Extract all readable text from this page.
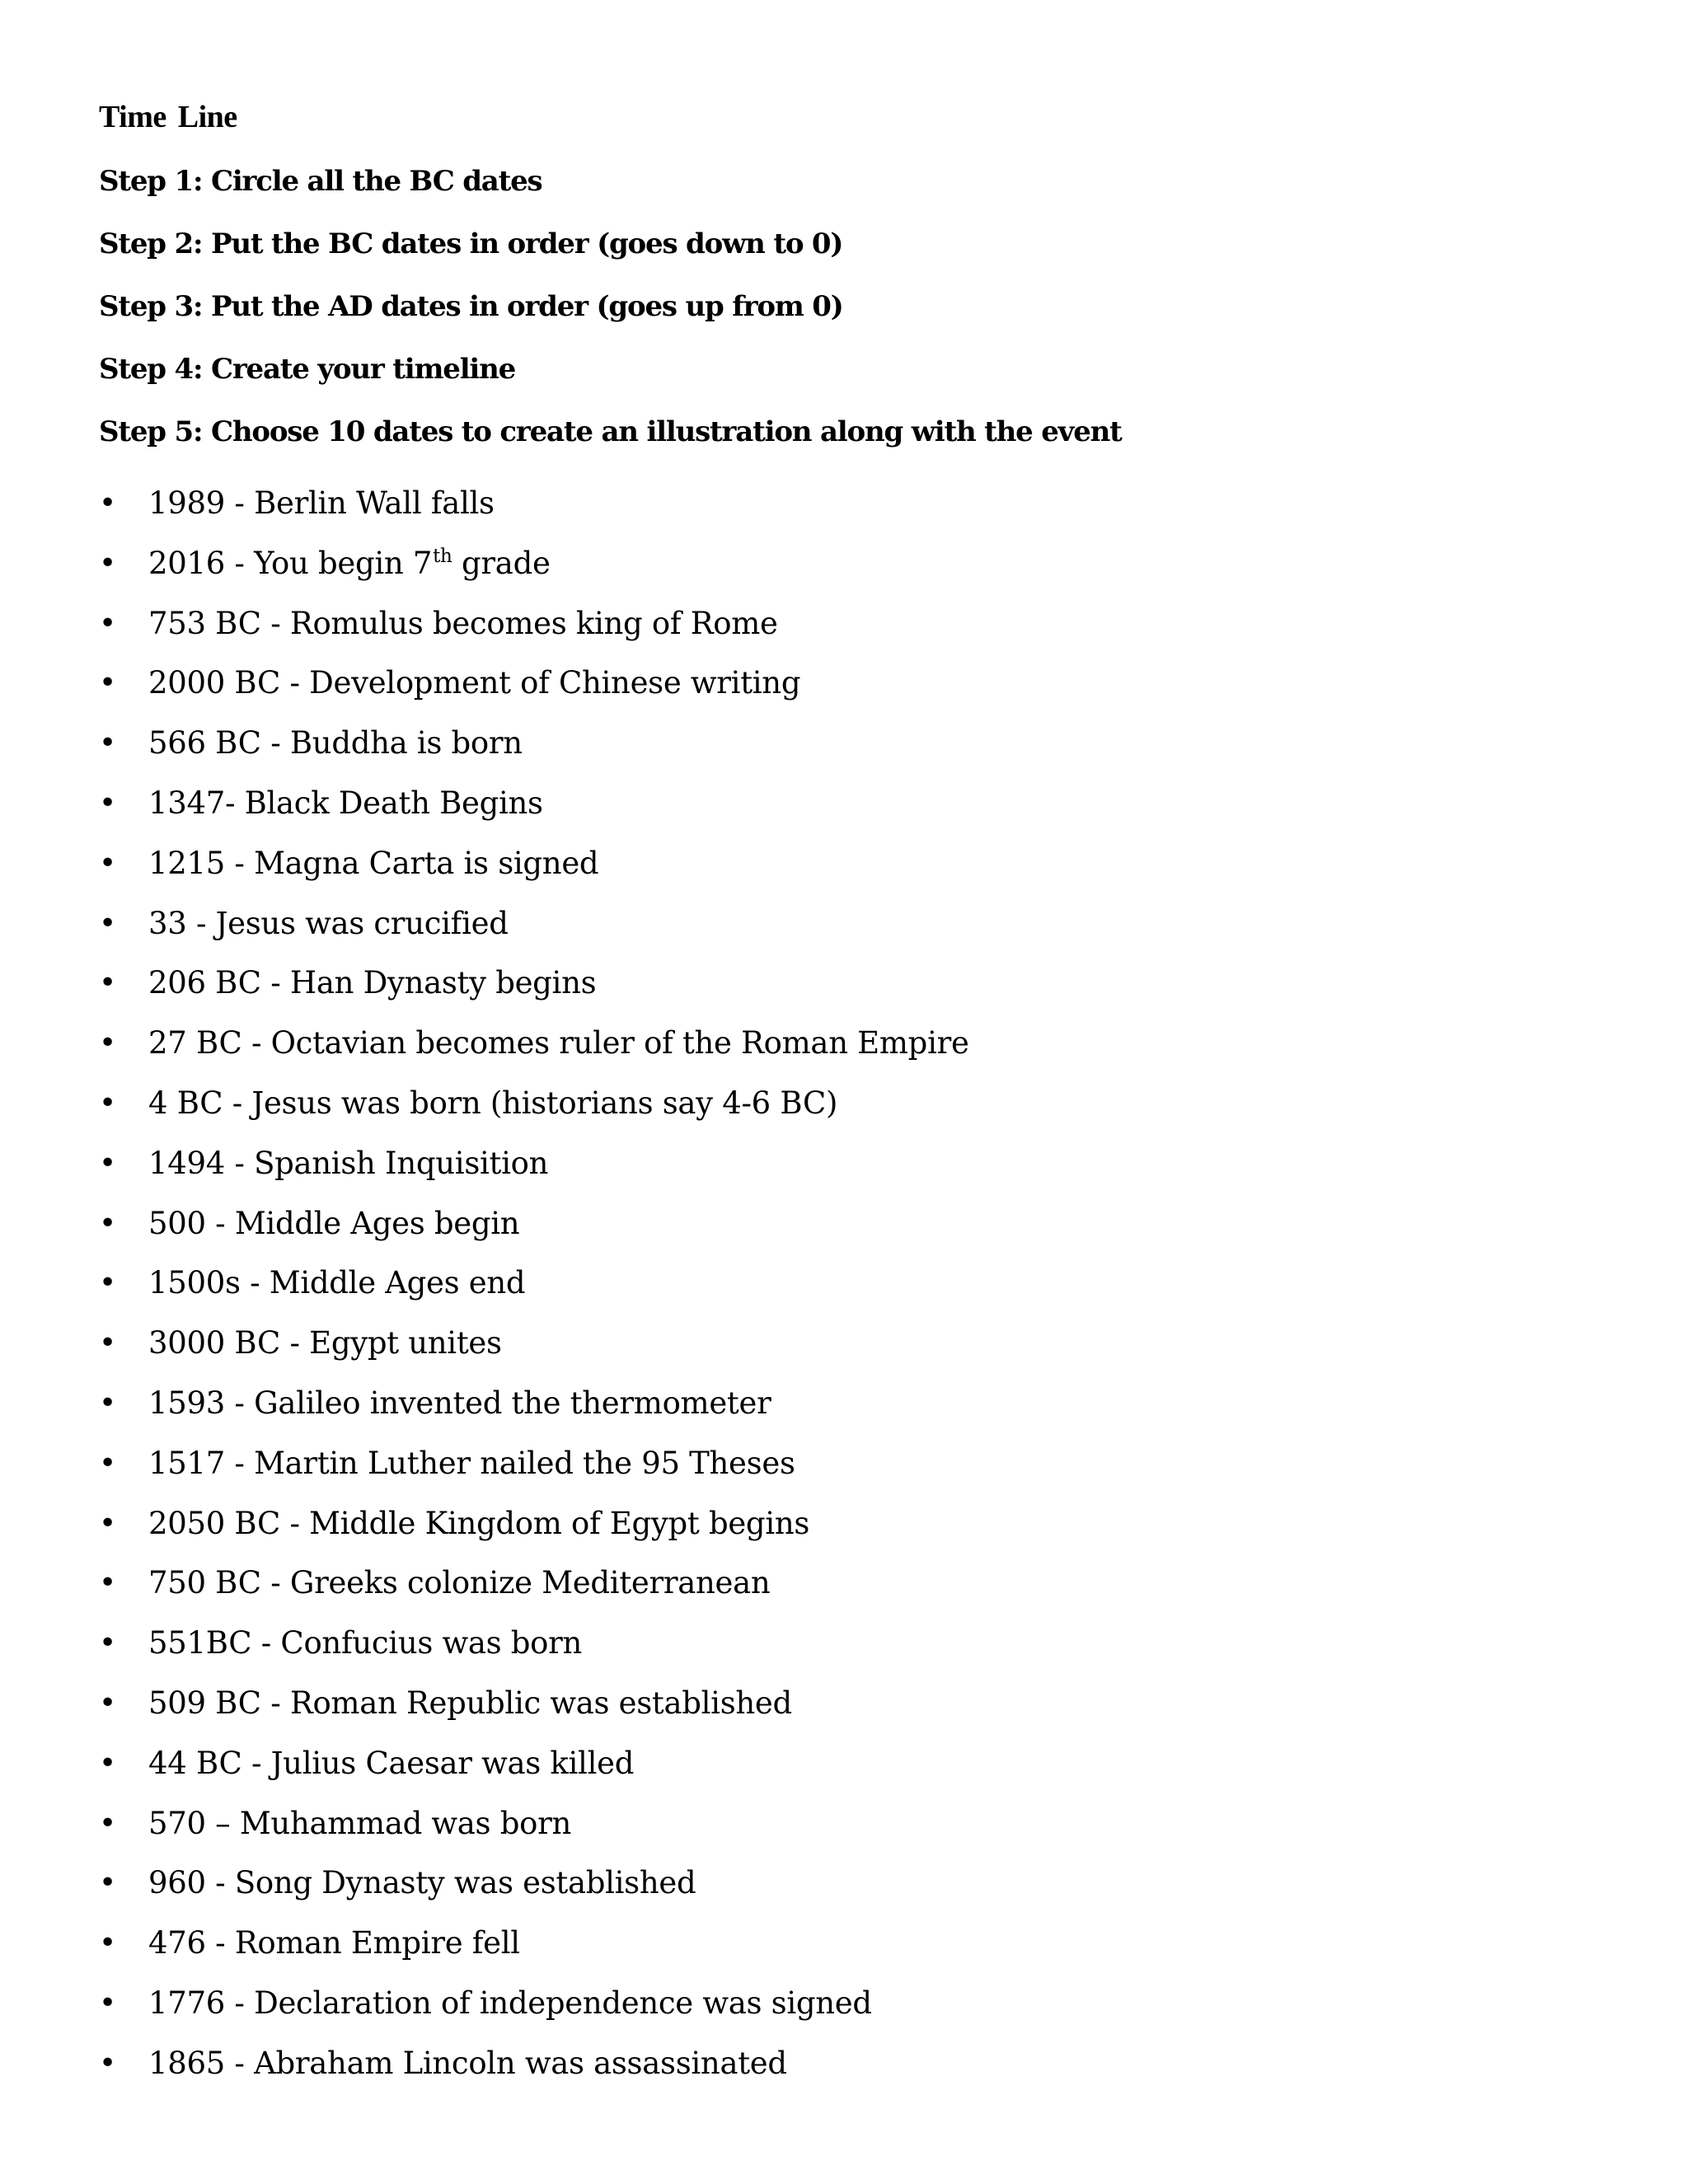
Time Line
Step 1: Circle all the BC dates
Step 2: Put the BC dates in order (goes down to 0)
Step 3: Put the AD dates in order (goes up from 0)
Step 4: Create your timeline
Step 5: Choose 10 dates to create an illustration along with the event
•	1989 - Berlin Wall falls
•	2016 - You begin 7th grade
•	753 BC - Romulus becomes king of Rome
•	2000 BC - Development of Chinese writing
•	566 BC - Buddha is born
•	1347- Black Death Begins
•	1215 - Magna Carta is signed
•	33 - Jesus was crucified
•	206 BC - Han Dynasty begins
•	27 BC - Octavian becomes ruler of the Roman Empire
•	4 BC - Jesus was born (historians say 4-6 BC)
•	1494 - Spanish Inquisition
•	500 - Middle Ages begin
•	1500s - Middle Ages end
•	3000 BC - Egypt unites
•	1593 - Galileo invented the thermometer
•	1517 - Martin Luther nailed the 95 Theses
•	2050 BC - Middle Kingdom of Egypt begins
•	750 BC - Greeks colonize Mediterranean
•	551BC - Confucius was born
•	509 BC - Roman Republic was established
•	44 BC - Julius Caesar was killed
•	570 – Muhammad was born
•	960 - Song Dynasty was established
•	476 - Roman Empire fell
•	1776 - Declaration of independence was signed
•	1865 - Abraham Lincoln was assassinated
